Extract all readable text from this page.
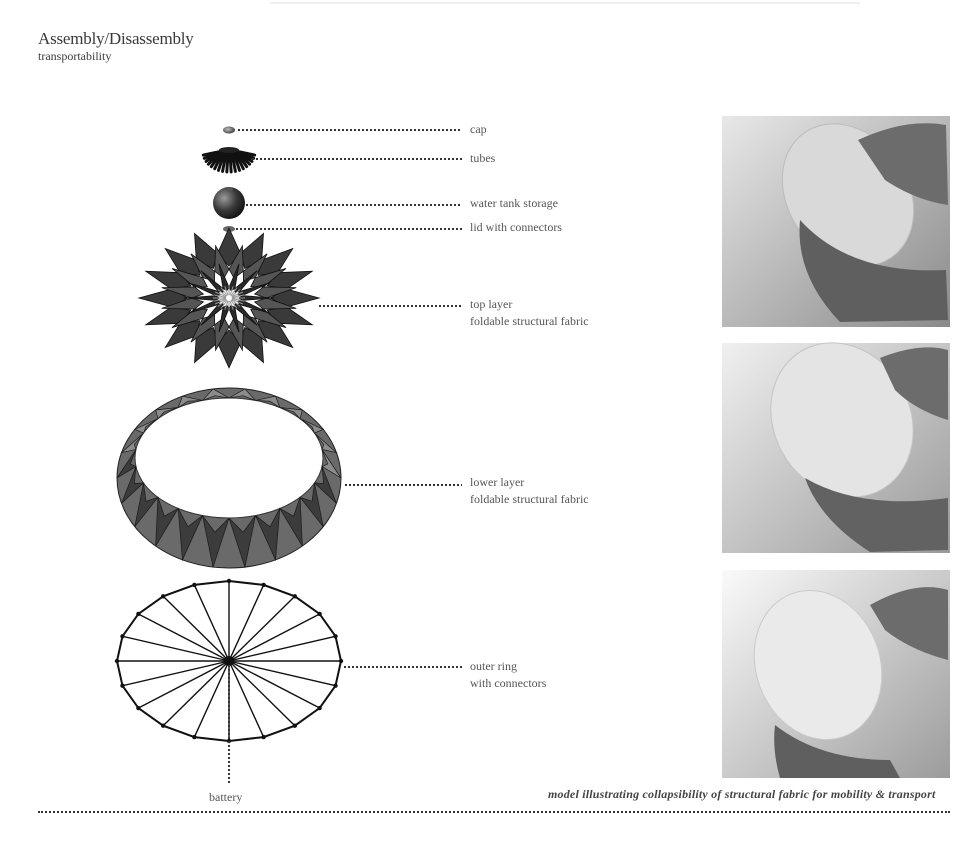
Assembly/Disassembly
transportability
cap
tubes
water tank storage
lid with connectors
top layer
foldable structural fabric
lower layer
foldable structural fabric
outer ring
with connectors
battery	model illustrating collapsibility of structural fabric for mobility & transport
